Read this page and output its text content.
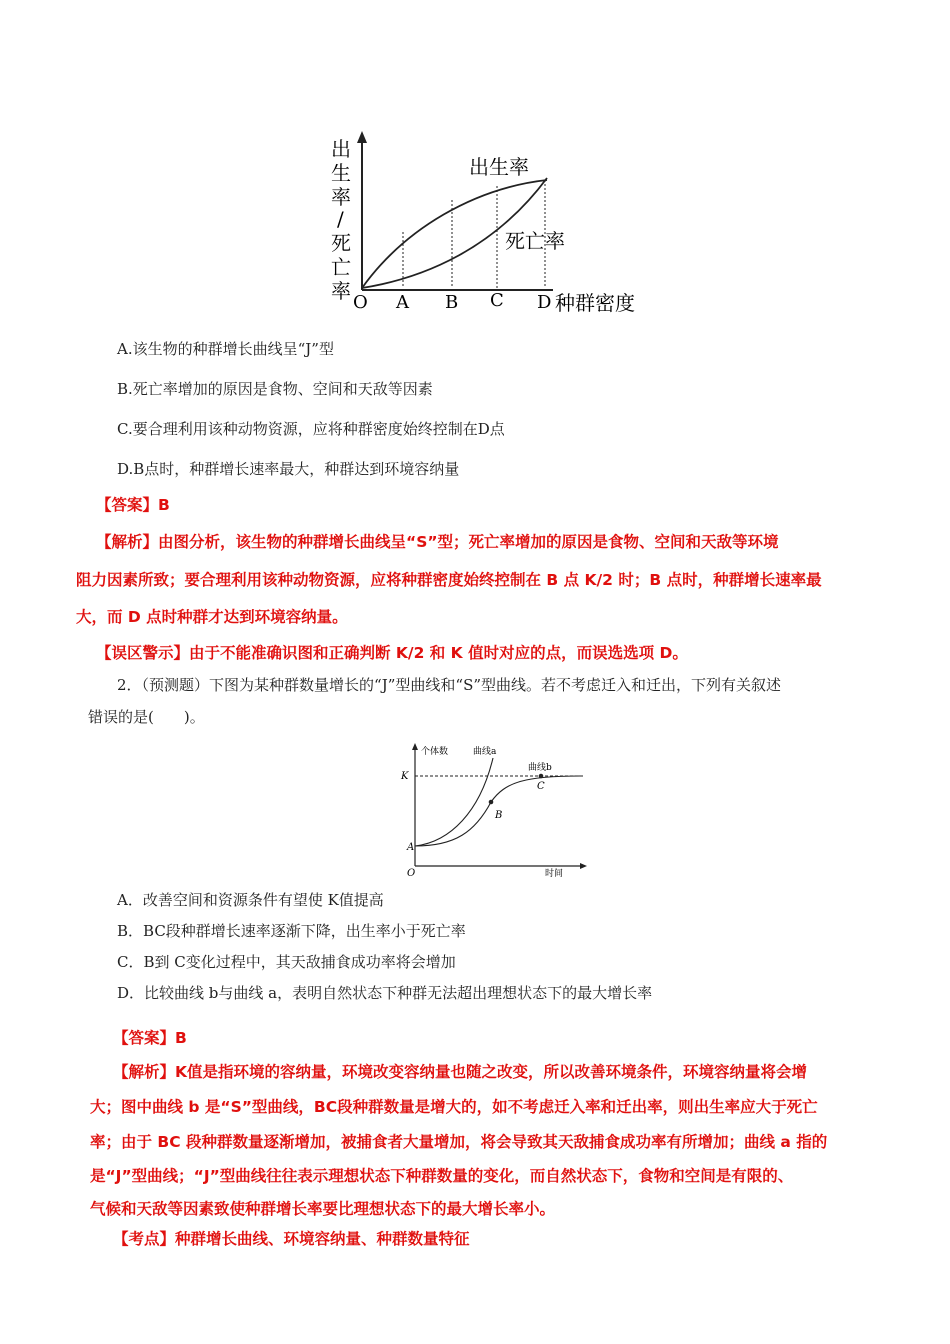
出
生
率
/
死
亡
率 O A B C D 种群密度
出生率
死亡率
A.该生物的种群增长曲线呈“J”型
B.死亡率增加的原因是食物、空间和天敌等因素
C.要合理利用该种动物资源，应将种群密度始终控制在D点
D.B点时，种群增长速率最大，种群达到环境容纳量
【答案】B
【解析】由图分析，该生物的种群增长曲线呈“S”型；死亡率增加的原因是食物、空间和天敌等环境
阻力因素所致；要合理利用该种动物资源，应将种群密度始终控制在 B 点 K/2 时；B 点时，种群增长速率最
大，而 D 点时种群才达到环境容纳量。
【误区警示】由于不能准确识图和正确判断 K/2 和 K 值时对应的点，而误选选项 D。
2．（预测题）下图为某种群数量增长的“J”型曲线和“S”型曲线。若不考虑迁入和迁出，下列有关叙述
错误的是(　　)。
个体数	曲线a
曲线b
K
A
B
C
O	时间
A．改善空间和资源条件有望使 K值提高
B．BC段种群增长速率逐渐下降，出生率小于死亡率
C．B到 C变化过程中，其天敌捕食成功率将会增加
D．比较曲线 b与曲线 a，表明自然状态下种群无法超出理想状态下的最大增长率
【答案】B
【解析】K值是指环境的容纳量，环境改变容纳量也随之改变，所以改善环境条件，环境容纳量将会增
大；图中曲线 b 是“S”型曲线，BC段种群数量是增大的，如不考虑迁入率和迁出率，则出生率应大于死亡
率；由于 BC 段种群数量逐渐增加，被捕食者大量增加，将会导致其天敌捕食成功率有所增加；曲线 a 指的
是“J”型曲线；“J”型曲线往往表示理想状态下种群数量的变化，而自然状态下，食物和空间是有限的、
气候和天敌等因素致使种群增长率要比理想状态下的最大增长率小。
【考点】种群增长曲线、环境容纳量、种群数量特征
